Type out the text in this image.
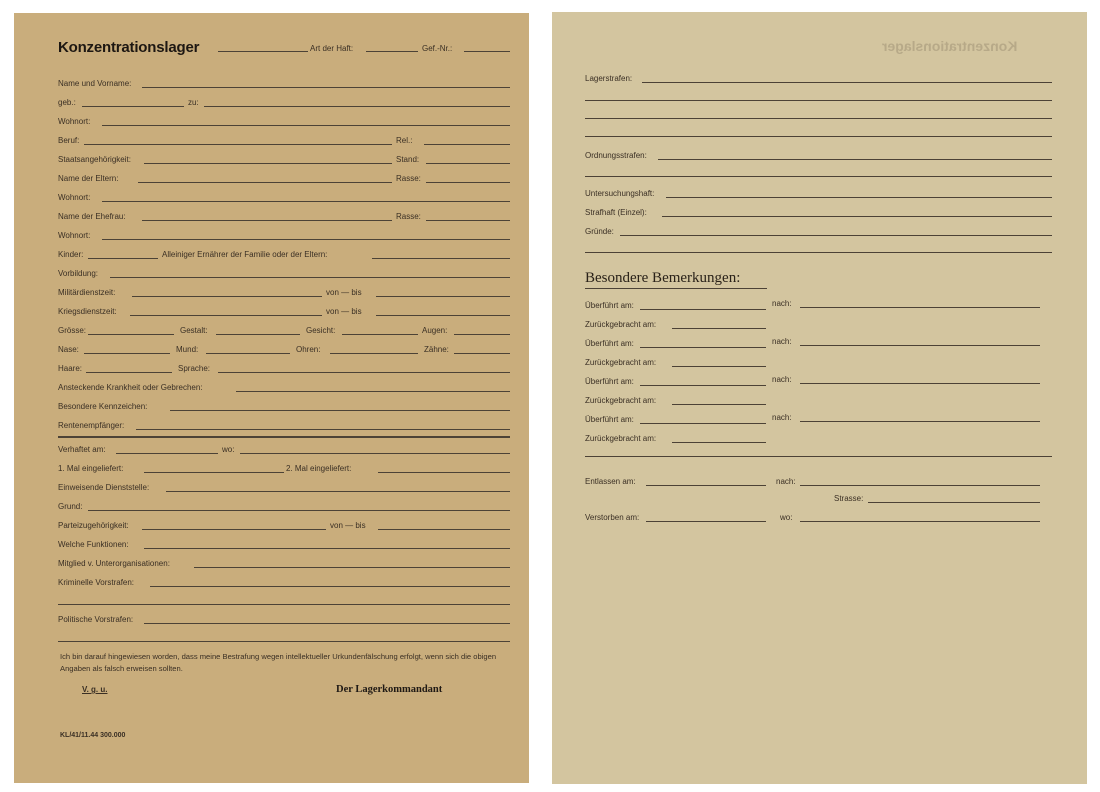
Konzentrationslager	Art der Haft:	Gef.-Nr.:
Name und Vorname:
geb.:	zu:
Wohnort:
Beruf:	Rel.:
Staatsangehörigkeit:	Stand:
Name der Eltern:	Rasse:
Wohnort:
Name der Ehefrau:	Rasse:
Wohnort:
Kinder:	Alleiniger Ernährer der Familie oder der Eltern:
Vorbildung:
Militärdienstzeit:	von — bis
Kriegsdienstzeit:	von — bis
Grösse:	Gestalt:	Gesicht:	Augen:
Nase:	Mund:	Ohren:	Zähne:
Haare:	Sprache:
Ansteckende Krankheit oder Gebrechen:
Besondere Kennzeichen:
Rentenempfänger:
Verhaftet am:	wo:
1. Mal eingeliefert:	2. Mal eingeliefert:
Einweisende Dienststelle:
Grund:
Parteizugehörigkeit:	von — bis
Welche Funktionen:
Mitglied v. Unterorganisationen:
Kriminelle Vorstrafen:
Politische Vorstrafen:
Ich bin darauf hingewiesen worden, dass meine Bestrafung wegen intellektueller Urkundenfälschung erfolgt, wenn sich die obigen Angaben als falsch erweisen sollten.
V. g. u.	Der Lagerkommandant
KL/41/11.44 300.000
Konzentrationslager
Lagerstrafen:
Ordnungsstrafen:
Untersuchungshaft:
Strafhaft (Einzel):
Gründe:
Besondere Bemerkungen:
Überführt am:	nach:
Zurückgebracht am:
Überführt am:	nach:
Zurückgebracht am:
Überführt am:	nach:
Zurückgebracht am:
Überführt am:	nach:
Zurückgebracht am:
Entlassen am:	nach:
Strasse:
Verstorben am:	wo:
